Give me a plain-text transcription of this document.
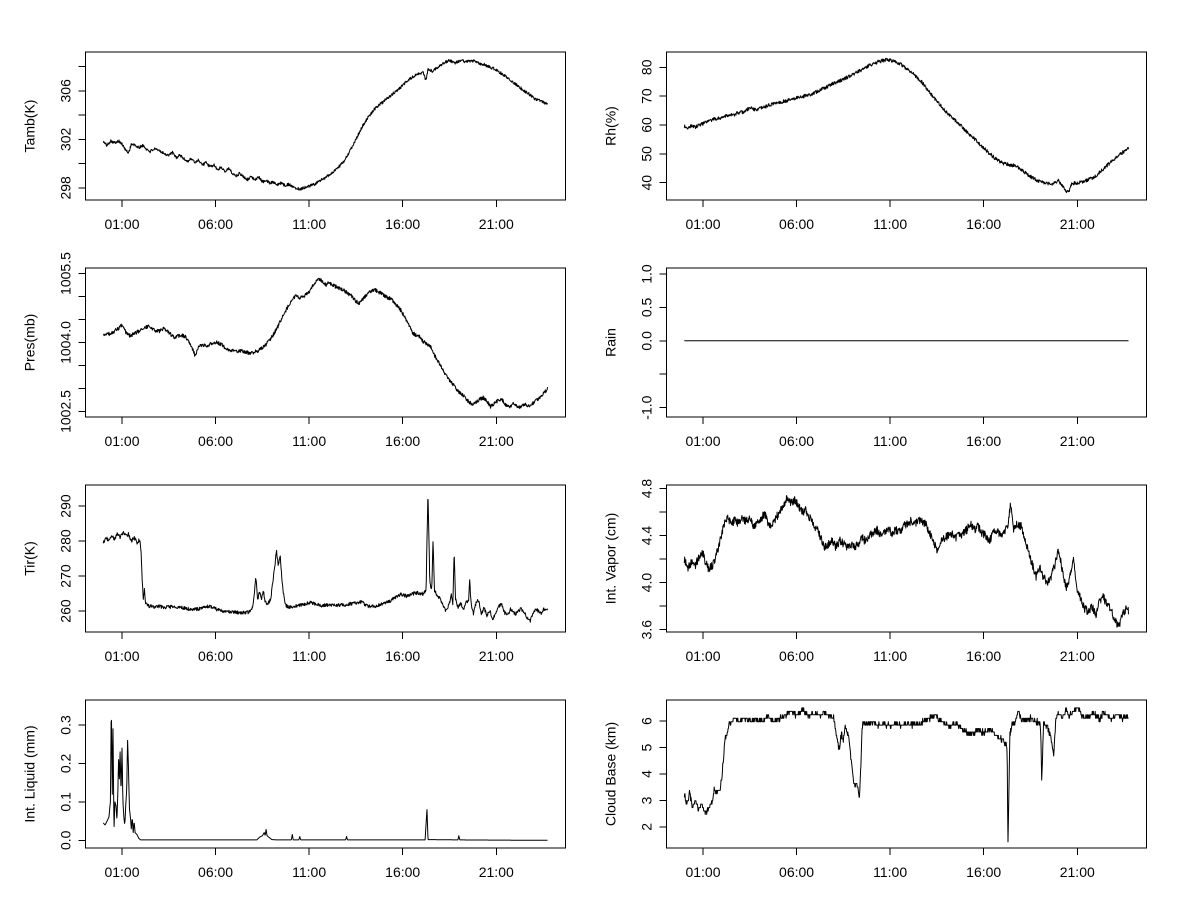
01:00	06:00	11:00	16:00	21:00
298
302
306
Tamb(K)
01:00	06:00	11:00	16:00	21:00
40
50
60
70
80
Rh(%)
01:00	06:00	11:00	16:00	21:00
1002.5
1004.0
1005.5
Pres(mb)
01:00	06:00	11:00	16:00	21:00
-1.0
0.0
0.5
1.0
Rain
01:00	06:00	11:00	16:00	21:00
260
270
280
290
Tir(K)
01:00	06:00	11:00	16:00	21:00
3.6
4.0
4.4
4.8
Int. Vapor (cm)
01:00	06:00	11:00	16:00	21:00
0.0
0.1
0.2
0.3
Int. Liquid (mm)
01:00	06:00	11:00	16:00	21:00
2
3
4
5
6
Cloud Base (km)
